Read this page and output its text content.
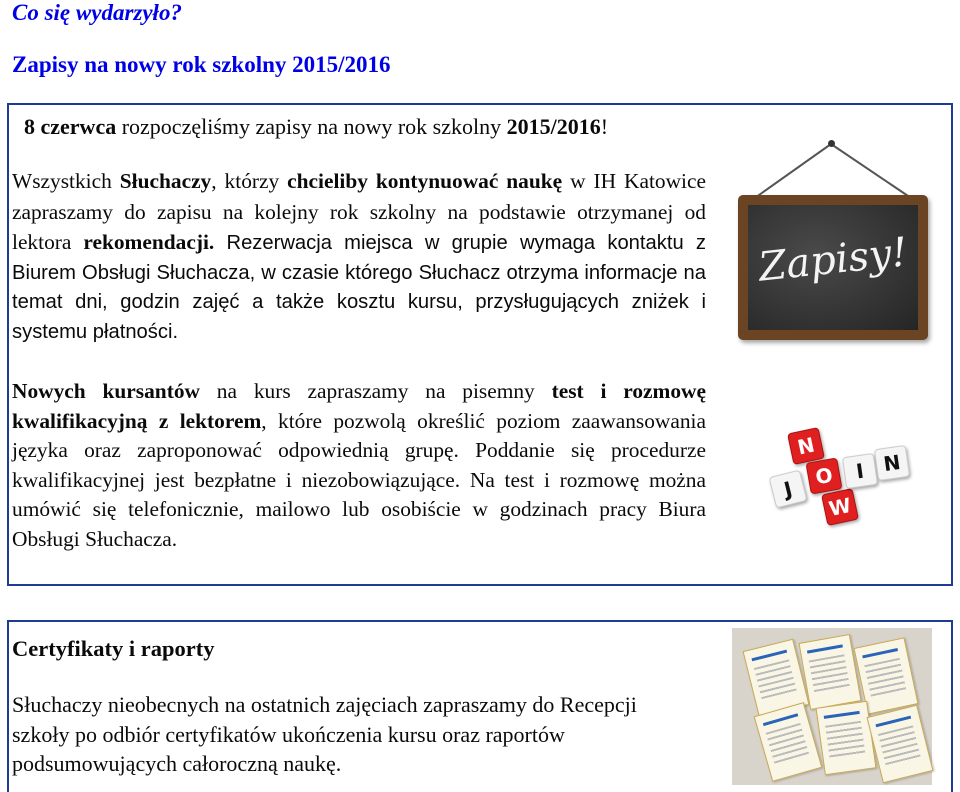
Co się wydarzyło?
Zapisy na nowy rok szkolny 2015/2016
8 czerwca rozpoczęliśmy zapisy na nowy rok szkolny 2015/2016!
Wszystkich Słuchaczy, którzy chcieliby kontynuować naukę w IH Katowice zapraszamy do zapisu na kolejny rok szkolny na podstawie otrzymanej od lektora rekomendacji. Rezerwacja miejsca w grupie wymaga kontaktu z Biurem Obsługi Słuchacza, w czasie którego Słuchacz otrzyma informacje na temat dni, godzin zajęć a także kosztu kursu, przysługujących zniżek i systemu płatności.
Nowych kursantów na kurs zapraszamy na pisemny test i rozmowę kwalifikacyjną z lektorem, które pozwolą określić poziom zaawansowania języka oraz zaproponować odpowiednią grupę. Poddanie się procedurze kwalifikacyjnej jest bezpłatne i niezobowiązujące. Na test i rozmowę można umówić się telefonicznie, mailowo lub osobiście w godzinach pracy Biura Obsługi Słuchacza.
Zapisy!
N
O
W
J
I N
Certyfikaty i raporty
Słuchaczy nieobecnych na ostatnich zajęciach zapraszamy do Recepcji szkoły po odbiór certyfikatów ukończenia kursu oraz raportów podsumowujących całoroczną naukę.
